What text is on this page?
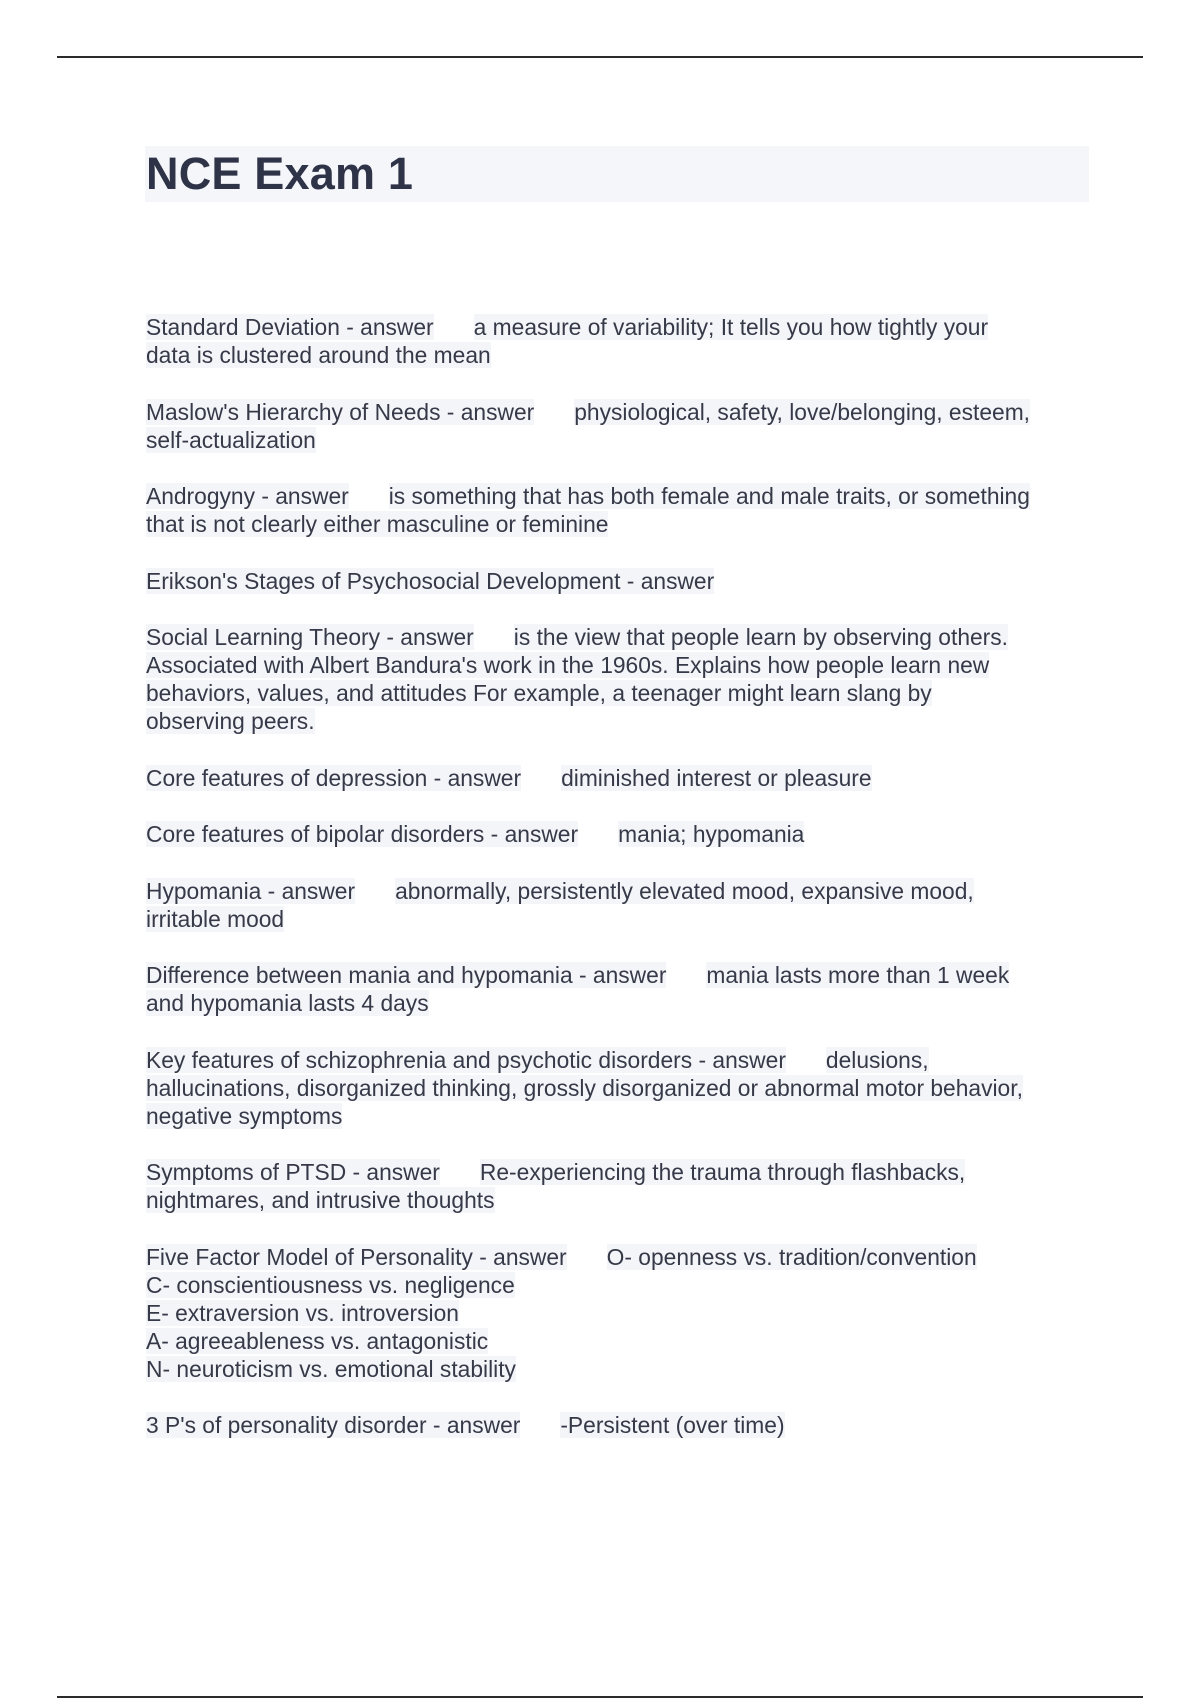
NCE Exam 1
Standard Deviation - answer a measure of variability; It tells you how tightly your
data is clustered around the mean
Maslow's Hierarchy of Needs - answer physiological, safety, love/belonging, esteem,
self-actualization
Androgyny - answer is something that has both female and male traits, or something
that is not clearly either masculine or feminine
Erikson's Stages of Psychosocial Development - answer
Social Learning Theory - answer is the view that people learn by observing others.
Associated with Albert Bandura's work in the 1960s. Explains how people learn new
behaviors, values, and attitudes For example, a teenager might learn slang by
observing peers.
Core features of depression - answer diminished interest or pleasure
Core features of bipolar disorders - answer mania; hypomania
Hypomania - answer abnormally, persistently elevated mood, expansive mood,
irritable mood
Difference between mania and hypomania - answer mania lasts more than 1 week
and hypomania lasts 4 days
Key features of schizophrenia and psychotic disorders - answer delusions,
hallucinations, disorganized thinking, grossly disorganized or abnormal motor behavior,
negative symptoms
Symptoms of PTSD - answer Re-experiencing the trauma through flashbacks,
nightmares, and intrusive thoughts
Five Factor Model of Personality - answer O- openness vs. tradition/convention
C- conscientiousness vs. negligence
E- extraversion vs. introversion
A- agreeableness vs. antagonistic
N- neuroticism vs. emotional stability
3 P's of personality disorder - answer -Persistent (over time)
